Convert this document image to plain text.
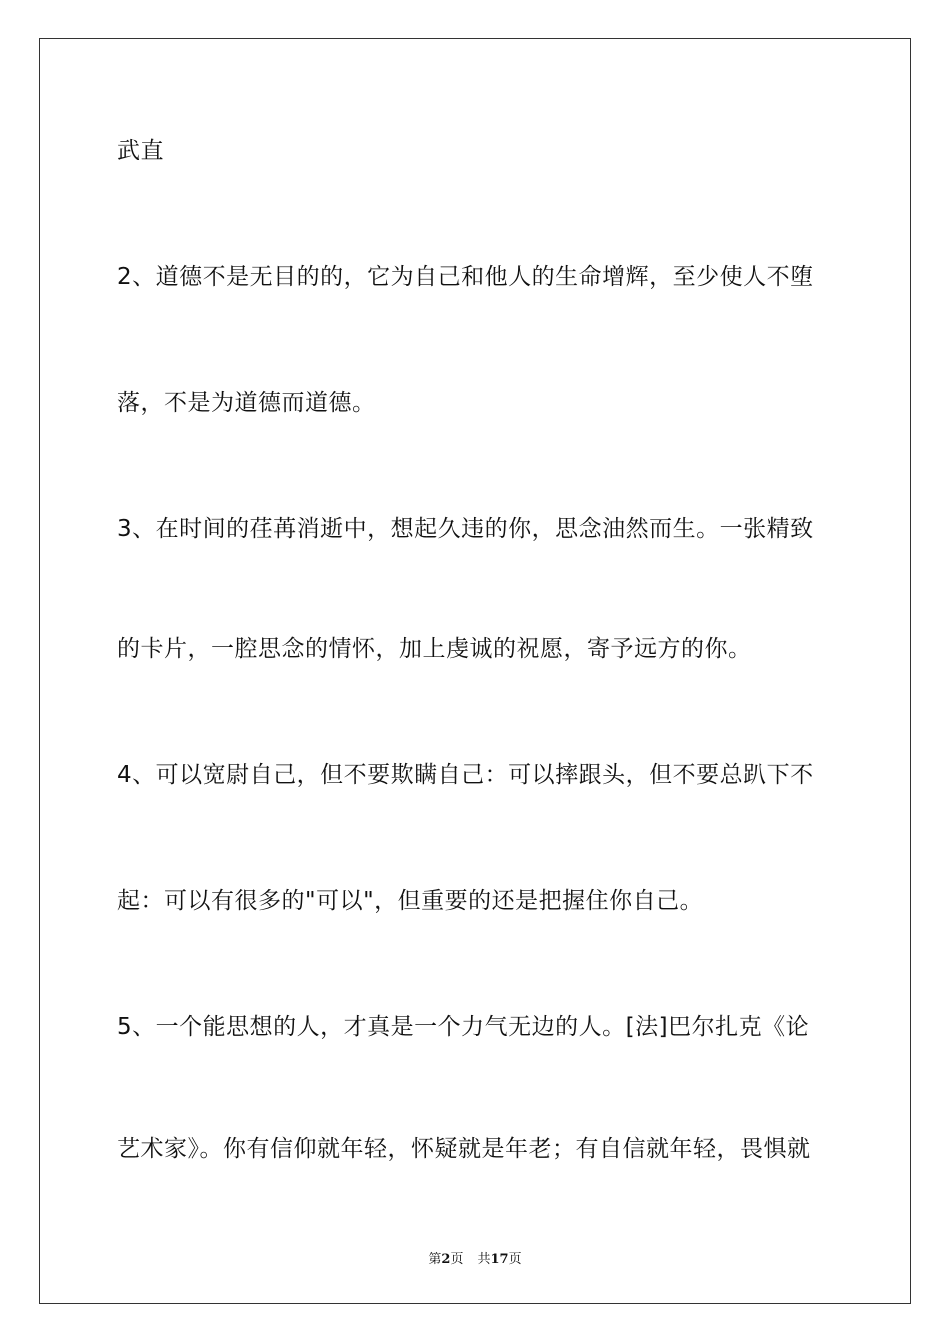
武直
2、道德不是无目的的，它为自己和他人的生命增辉，至少使人不堕
落，不是为道德而道德。
3、在时间的荏苒消逝中，想起久违的你，思念油然而生。一张精致
的卡片，一腔思念的情怀，加上虔诚的祝愿，寄予远方的你。
4、可以宽尉自己，但不要欺瞒自己：可以摔跟头，但不要总趴下不
起：可以有很多的"可以"，但重要的还是把握住你自己。
5、一个能思想的人，才真是一个力气无边的人。[法]巴尔扎克《论
艺术家》。你有信仰就年轻，怀疑就是年老；有自信就年轻，畏惧就
第2页 共17页
